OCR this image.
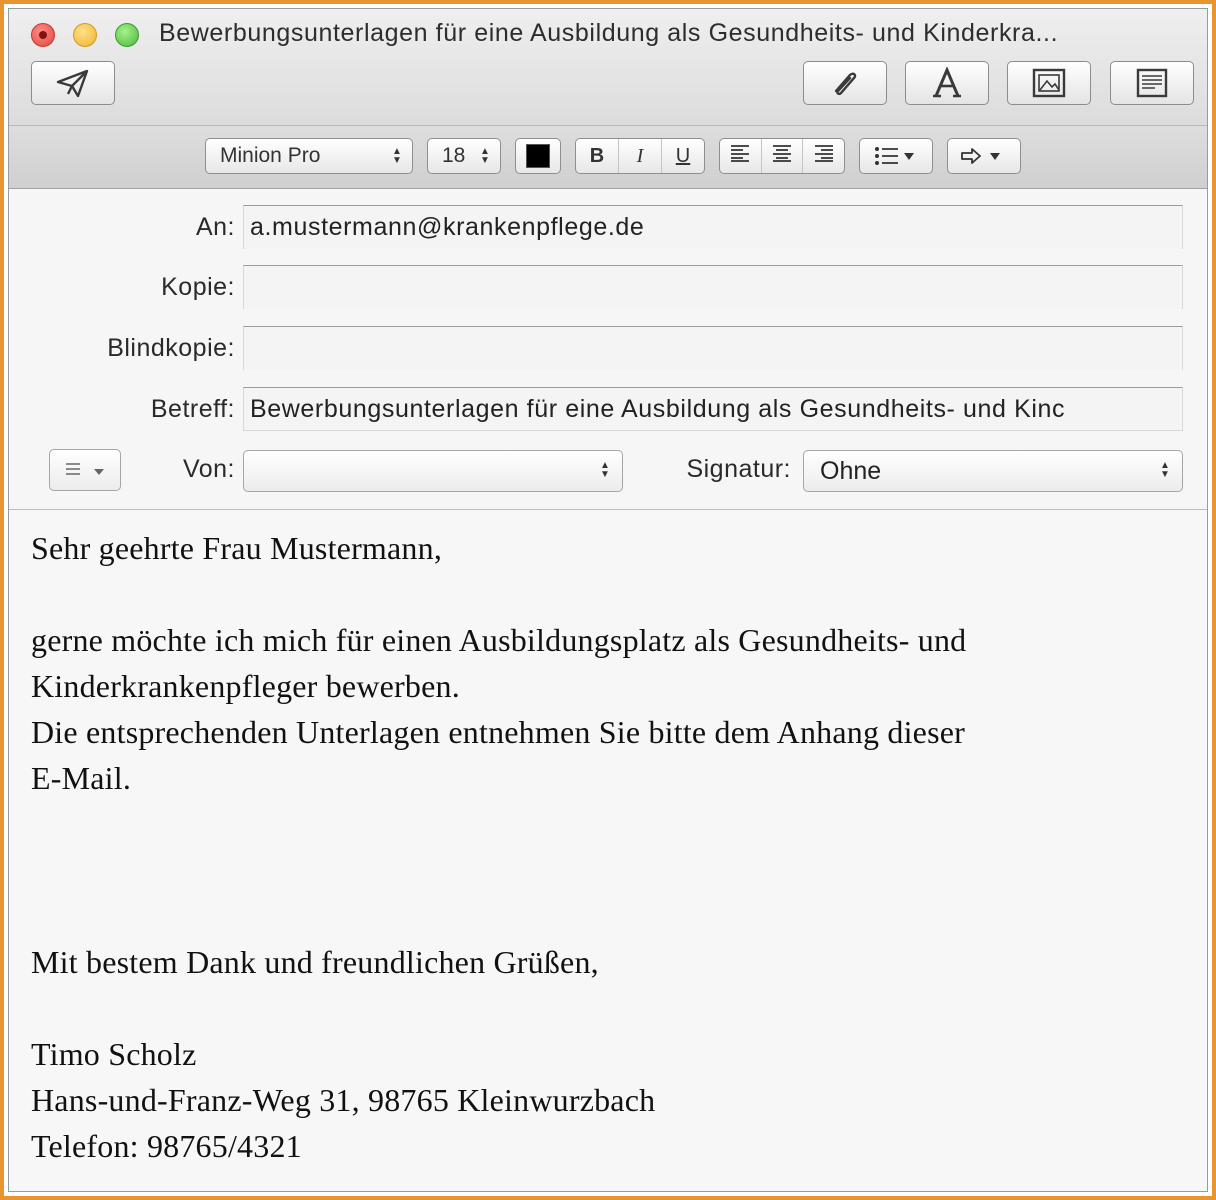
Bewerbungsunterlagen für eine Ausbildung als Gesundheits- und Kinderkra...
Minion Pro	▲
▼ 18 ▲
▼	B I U
An: a.mustermann@krankenpflege.de
Kopie:
Blindkopie:
Betreff: Bewerbungsunterlagen für eine Ausbildung als Gesundheits- und Kinc
Von:	▲
▼	Signatur:	Ohne	▲
▼
Sehr geehrte Frau Mustermann,
gerne möchte ich mich für einen Ausbildungsplatz als Gesundheits- und
Kinderkrankenpfleger bewerben.
Die entsprechenden Unterlagen entnehmen Sie bitte dem Anhang dieser
E-Mail.
Mit bestem Dank und freundlichen Grüßen,
Timo Scholz
Hans-und-Franz-Weg 31, 98765 Kleinwurzbach
Telefon: 98765/4321
